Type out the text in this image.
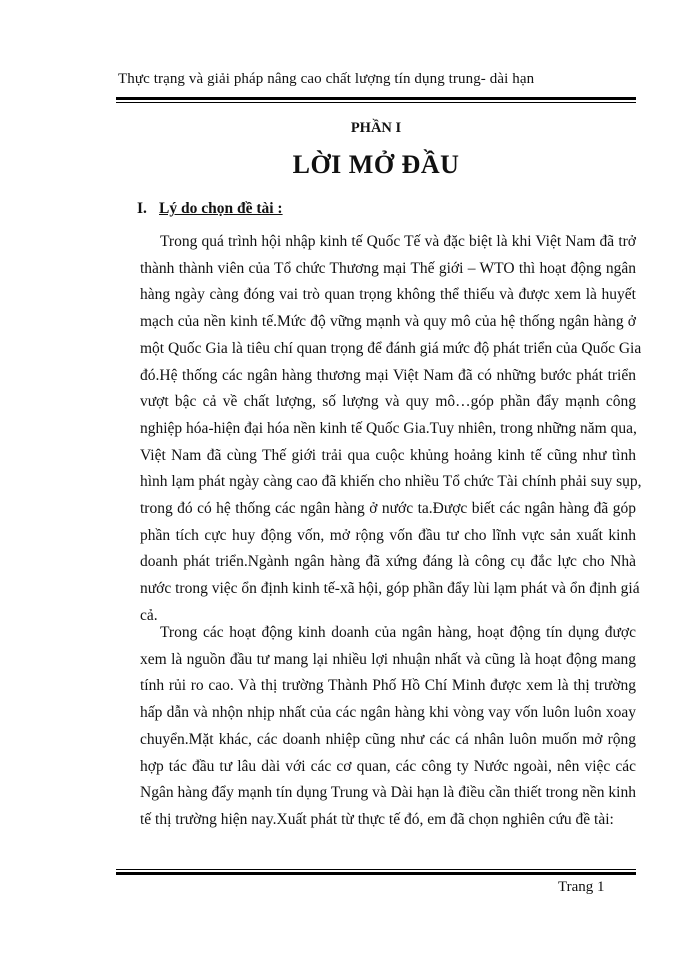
Thực trạng và giải pháp nâng cao chất lượng tín dụng trung- dài hạn
PHẦN I
LỜI MỞ ĐẦU
I. Lý do chọn đề tài :
Trong quá trình hội nhập kinh tế Quốc Tế và đặc biệt là khi Việt Nam đã trở
thành thành viên của Tổ chức Thương mại Thế giới – WTO thì hoạt động ngân
hàng ngày càng đóng vai trò quan trọng không thể thiếu và được xem là huyết
mạch của nền kinh tế.Mức độ vững mạnh và quy mô của hệ thống ngân hàng ở
một Quốc Gia là tiêu chí quan trọng để đánh giá mức độ phát triển của Quốc Gia
đó.Hệ thống các ngân hàng thương mại Việt Nam đã có những bước phát triển
vượt bậc cả về chất lượng, số lượng và quy mô…góp phần đẩy mạnh công
nghiệp hóa-hiện đại hóa nền kinh tế Quốc Gia.Tuy nhiên, trong những năm qua,
Việt Nam đã cùng Thế giới trải qua cuộc khủng hoảng kinh tế cũng như tình
hình lạm phát ngày càng cao đã khiến cho nhiều Tổ chức Tài chính phải suy sụp,
trong đó có hệ thống các ngân hàng ở nước ta.Được biết các ngân hàng đã góp
phần tích cực huy động vốn, mở rộng vốn đầu tư cho lĩnh vực sản xuất kinh
doanh phát triển.Ngành ngân hàng đã xứng đáng là công cụ đắc lực cho Nhà
nước trong việc ổn định kinh tế-xã hội, góp phần đẩy lùi lạm phát và ổn định giá
cả.
Trong các hoạt động kinh doanh của ngân hàng, hoạt động tín dụng được
xem là nguồn đầu tư mang lại nhiều lợi nhuận nhất và cũng là hoạt động mang
tính rủi ro cao. Và thị trường Thành Phố Hồ Chí Minh được xem là thị trường
hấp dẫn và nhộn nhịp nhất của các ngân hàng khi vòng vay vốn luôn luôn xoay
chuyển.Mặt khác, các doanh nhiệp cũng như các cá nhân luôn muốn mở rộng
hợp tác đầu tư lâu dài với các cơ quan, các công ty Nước ngoài, nên việc các
Ngân hàng đẩy mạnh tín dụng Trung và Dài hạn là điều cần thiết trong nền kinh
tế thị trường hiện nay.Xuất phát từ thực tế đó, em đã chọn nghiên cứu đề tài:
Trang 1
